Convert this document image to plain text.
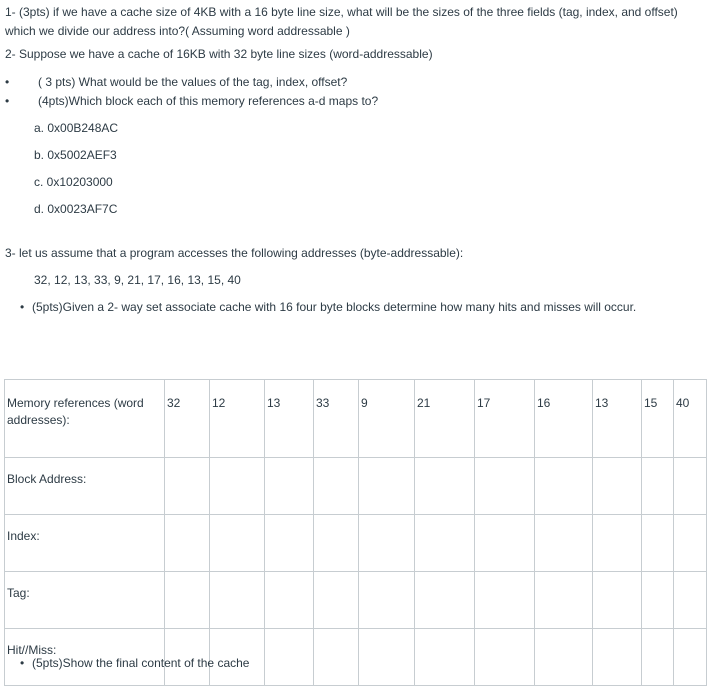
1- (3pts) if we have a cache size of 4KB with a 16 byte line size, what will be the sizes of the three fields (tag, index, and offset) which we divide our address into?( Assuming word addressable )
2- Suppose we have a cache of 16KB with 32 byte line sizes (word-addressable)
• ( 3 pts) What would be the values of the tag, index, offset?
• (4pts)Which block each of this memory references a-d maps to?
a. 0x00B248AC
b. 0x5002AEF3
c. 0x10203000
d. 0x0023AF7C
3- let us assume that a program accesses the following addresses (byte-addressable):
32, 12, 13, 33, 9, 21, 17, 16, 13, 15, 40
• (5pts)Given a 2- way set associate cache with 16 four byte blocks determine how many hits and misses will occur.
Memory references (word addresses):	32	12	13	33	9	21	17	16	13	15	40
Block Address:											
Index:											
Tag:											
Hit//Miss:											
• (5pts)Show the final content of the cache
